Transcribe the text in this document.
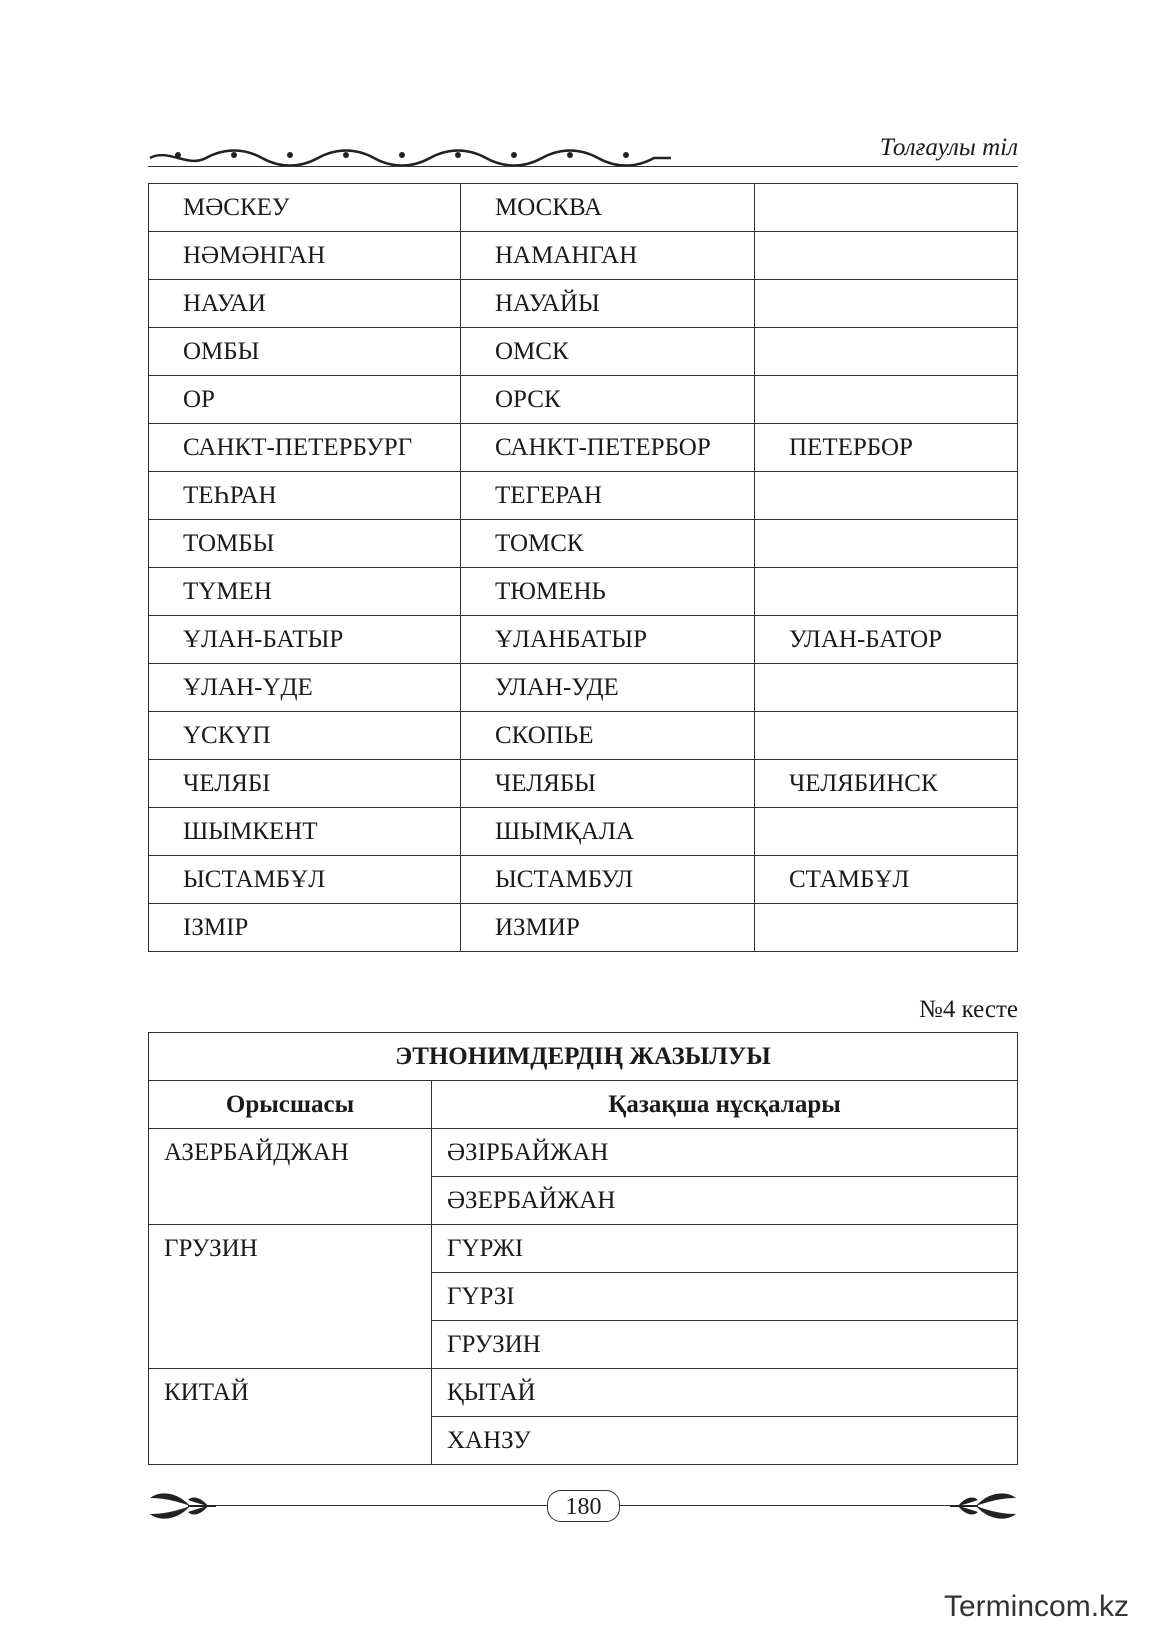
Толғаулы тіл
МӘСКЕУ	МОСКВА	
НӘМӘНГАН	НАМАНГАН	
НАУАИ	НАУАЙЫ	
ОМБЫ	ОМСК	
ОР	ОРСК	
САНКТ-ПЕТЕРБУРГ	САНКТ-ПЕТЕРБОР	ПЕТЕРБОР
ТЕҺРАН	ТЕГЕРАН	
ТОМБЫ	ТОМСК	
ТҮМЕН	ТЮМЕНЬ	
ҰЛАН-БАТЫР	ҰЛАНБАТЫР	УЛАН-БАТОР
ҰЛАН-ҮДЕ	УЛАН-УДЕ	
ҮСКҮП	СКОПЬЕ	
ЧЕЛЯБІ	ЧЕЛЯБЫ	ЧЕЛЯБИНСК
ШЫМКЕНТ	ШЫМҚАЛА	
ЫСТАМБҰЛ	ЫСТАМБУЛ	СТАМБҰЛ
ІЗМІР	ИЗМИР	
№4 кесте
ЭТНОНИМДЕРДІҢ ЖАЗЫЛУЫ	
Орысшасы	Қазақша нұсқалары
АЗЕРБАЙДЖАН	ӘЗІРБАЙЖАН
	ӘЗЕРБАЙЖАН
ГРУЗИН	ГҮРЖІ
	ГҮРЗІ
	ГРУЗИН
КИТАЙ	ҚЫТАЙ
	ХАНЗУ
180
Termincom.kz
